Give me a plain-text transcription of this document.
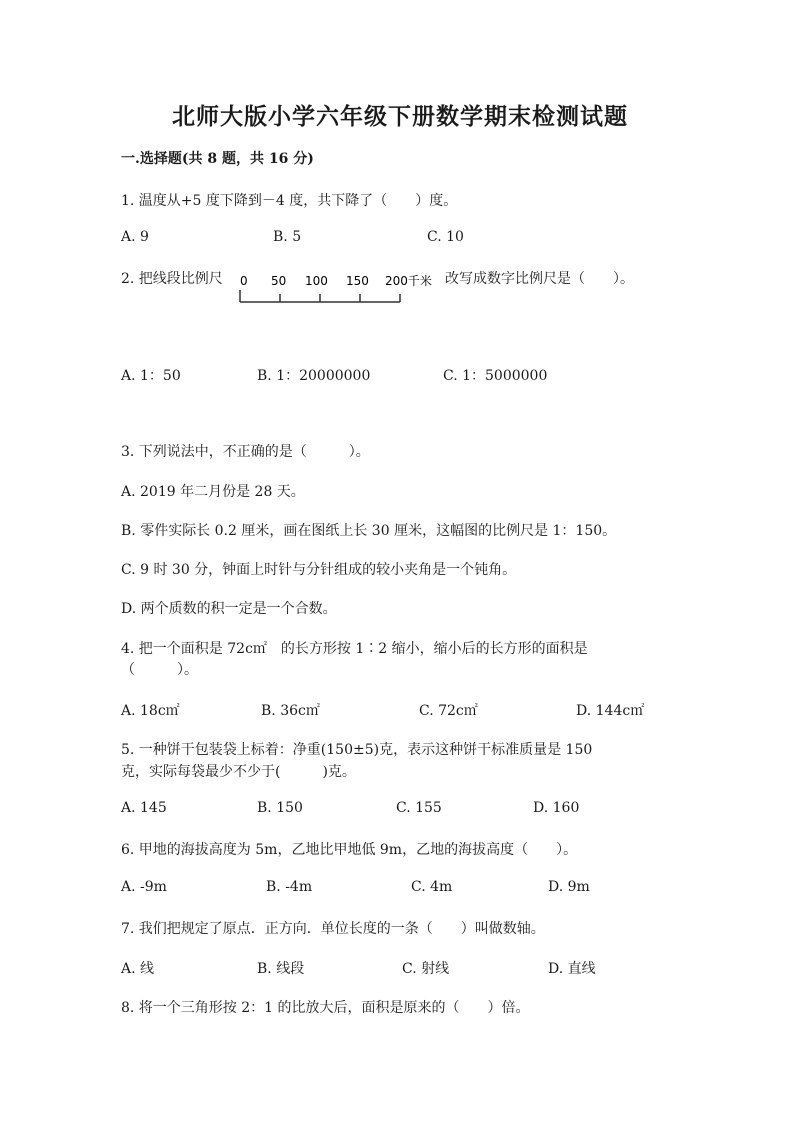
北师大版小学六年级下册数学期末检测试题
一.选择题(共 8 题，共 16 分)
1. 温度从+5 度下降到－4 度，共下降了（　　）度。
A. 9	B. 5	C. 10
2. 把线段比例尺 0 50 100 150 200千米 改写成数字比例尺是（　　）。
A. 1：50	B. 1：20000000	C. 1：5000000
3. 下列说法中，不正确的是（　　　）。
A. 2019 年二月份是 28 天。
B. 零件实际长 0.2 厘米，画在图纸上长 30 厘米，这幅图的比例尺是 1：150。
C. 9 时 30 分，钟面上时针与分针组成的较小夹角是一个钝角。
D. 两个质数的积一定是一个合数。
4. 把一个面积是 72c㎡　的长方形按 1∶2 缩小，缩小后的长方形的面积是
（　　　）。
A. 18c㎡	B. 36c㎡	C. 72c㎡	D. 144c㎡
5. 一种饼干包装袋上标着：净重(150±5)克，表示这种饼干标准质量是 150
克，实际每袋最少不少于(　　　)克。
A. 145	B. 150	C. 155	D. 160
6. 甲地的海拔高度为 5m，乙地比甲地低 9m，乙地的海拔高度（　　）。
A. -9m	B. -4m	C. 4m	D. 9m
7. 我们把规定了原点．正方向．单位长度的一条（　　）叫做数轴。
A. 线	B. 线段	C. 射线	D. 直线
8. 将一个三角形按 2：1 的比放大后，面积是原来的（　　）倍。
